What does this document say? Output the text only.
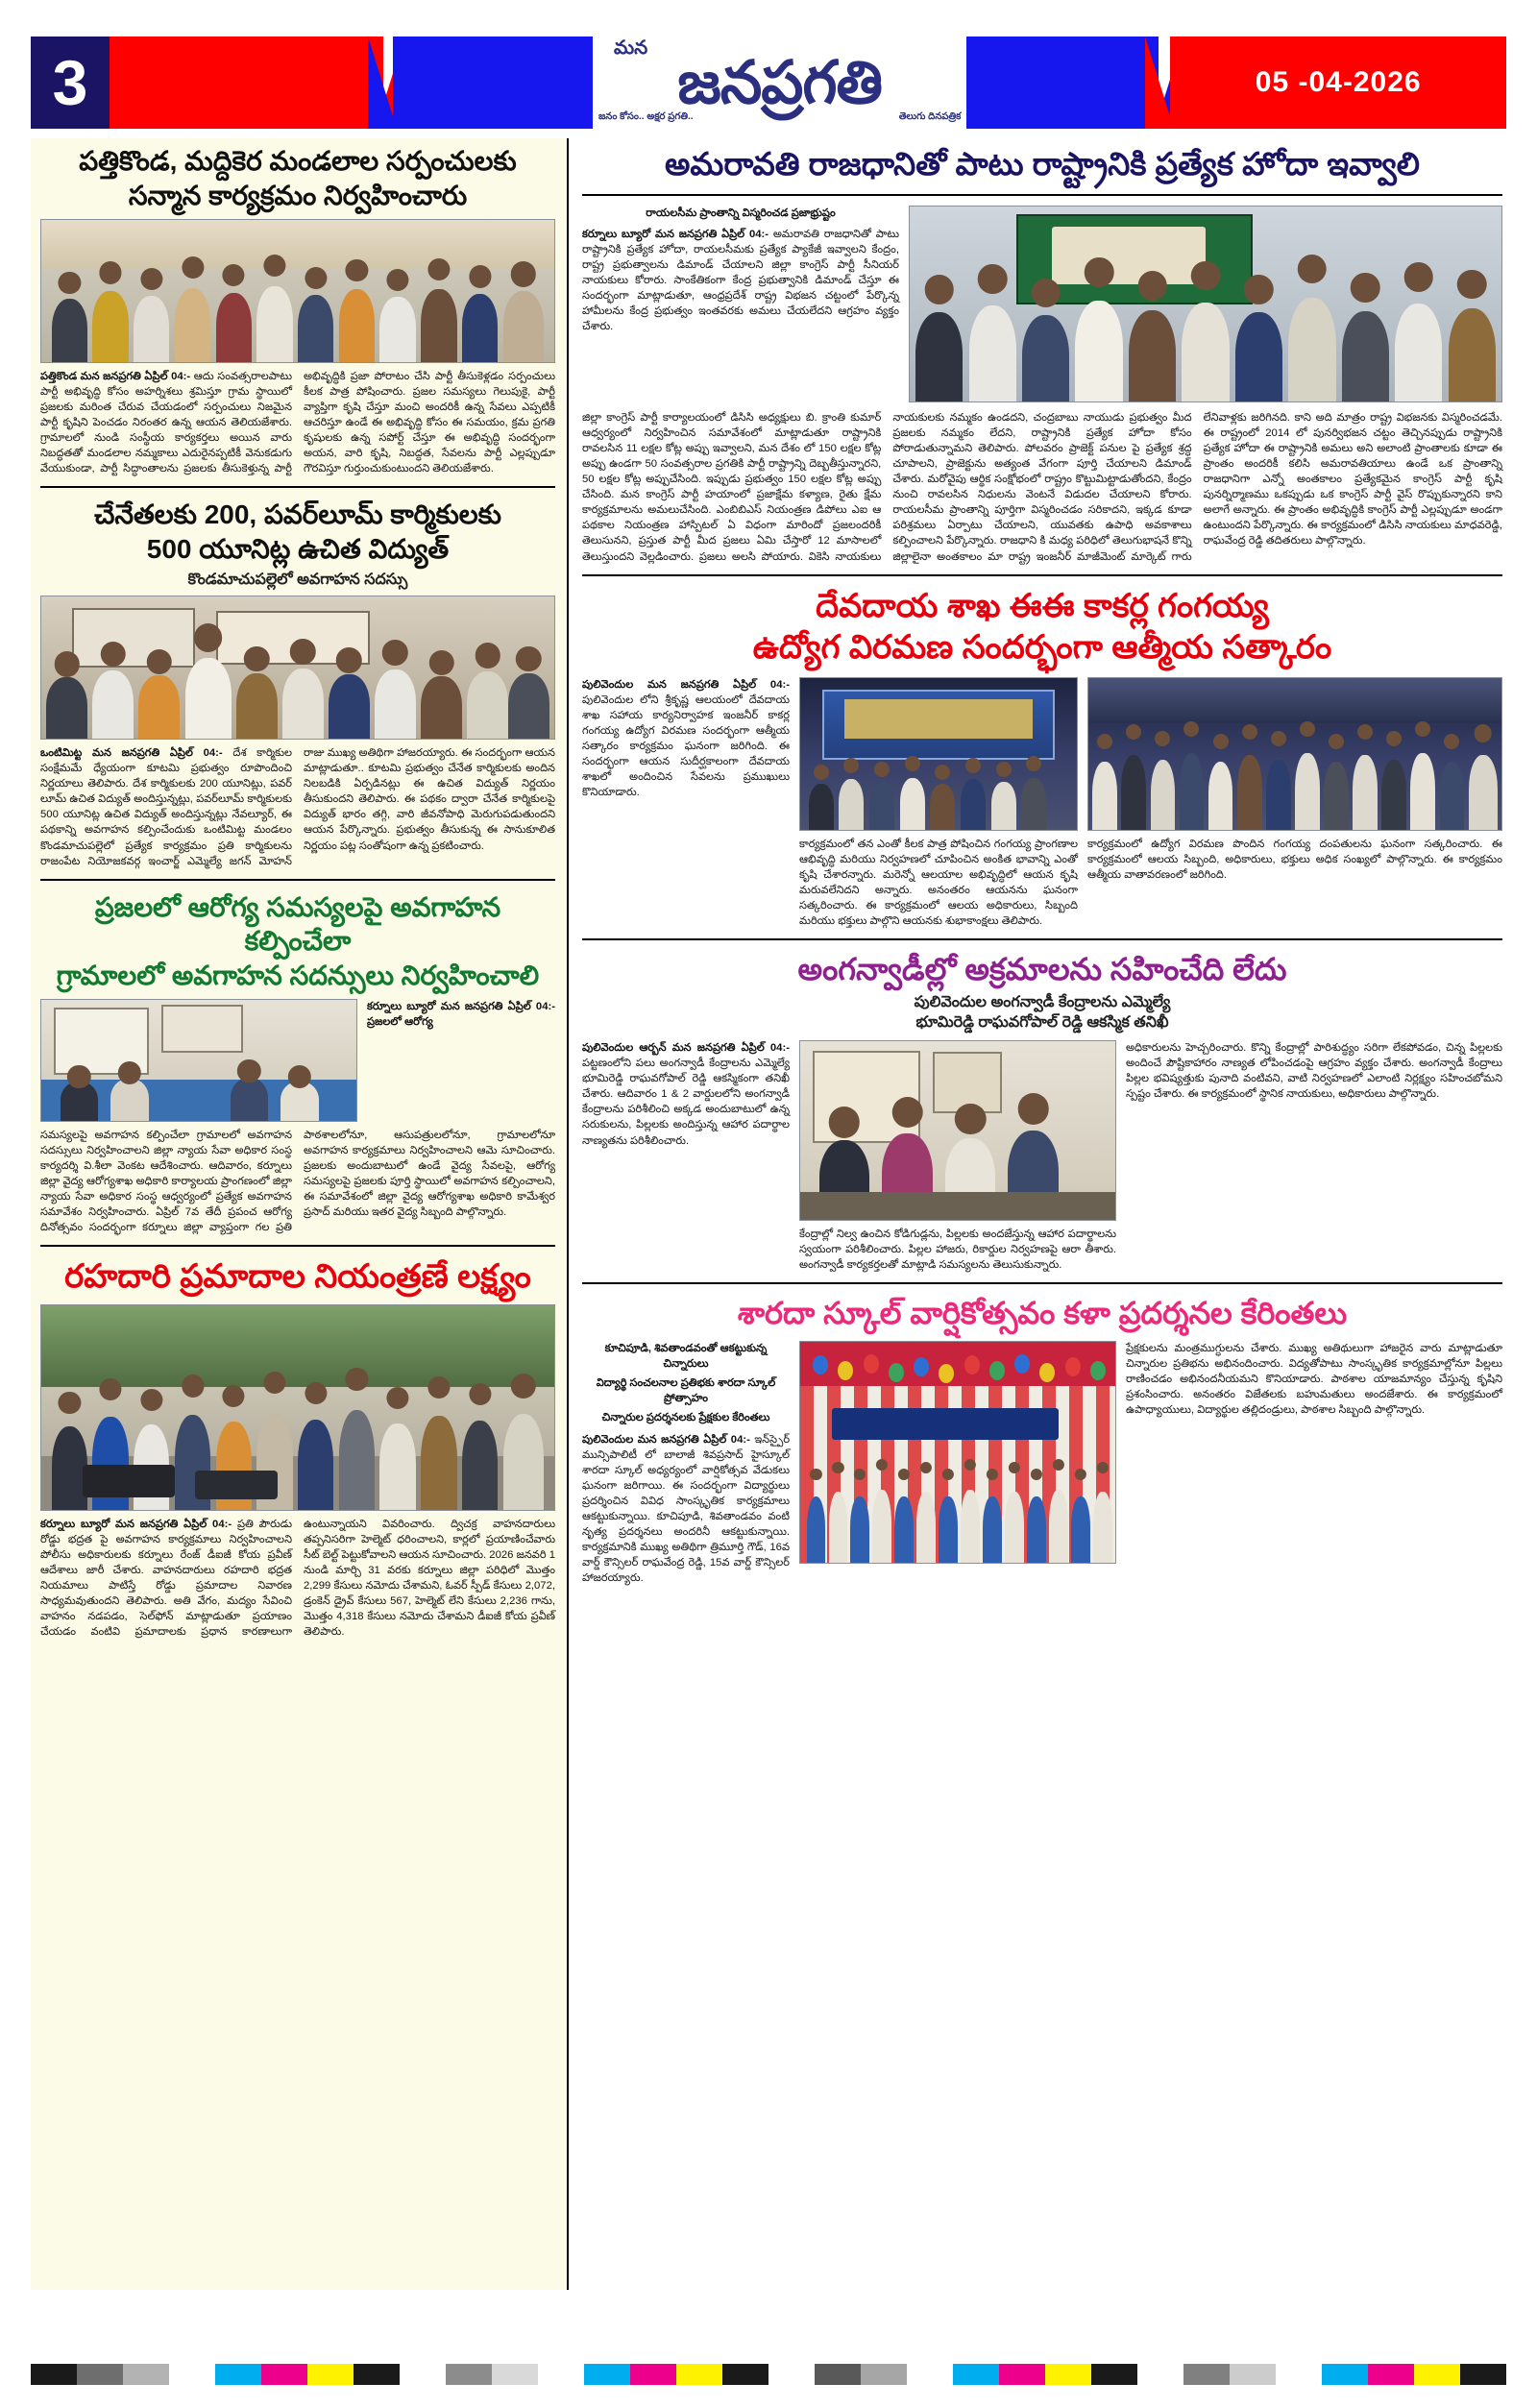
3	మన
జనప్రగతి
జనం కోసం.. అక్షర ప్రగతి..	తెలుగు దినపత్రిక
05 -04-2026
పత్తికొండ, మద్దికెర మండలాల సర్పంచులకు
సన్మాన కార్యక్రమం నిర్వహించారు
పత్తికొండ మన జనప్రగతి ఏప్రిల్ 04:- ఆదు సంవత్సరాలపాటు పార్టీ అభివృద్ధి కోసం అహర్నిశలు శ్రమిస్తూ గ్రామ స్థాయిలో ప్రజలకు మరింత చేరువ చేయడంలో సర్పంచులు నిజమైన పార్టీ కృషిని పెంచడం నిరంతర ఉన్న ఆయన తెలియజేశారు. గ్రామాలలో నుండి సంస్థీయ కార్యకర్తలు అయిన వారు నిబద్ధతతో మండలాల నమ్మకాలు ఎదురైనప్పటికీ వెనుకడుగు వేయుకుండా, పార్టీ సిద్ధాంతాలను ప్రజలకు తీసుకెళ్తున్న పార్టీ అభివృద్ధికి ప్రజా పోరాటం చేసి పార్టీ తీసుకెళ్లడం సర్పంచులు కీలక పాత్ర పోషించారు. ప్రజల సమస్యలు గెలుపుకై, పార్టీ వ్యాప్తిగా కృషి చేస్తూ మంచి అందరికీ ఉన్న సేవలు ఎప్పటికీ ఆచరిస్తూ ఉండే ఈ అభివృద్ధి కోసం ఈ సమయం, క్రమ ప్రగతి కృషులకు ఉన్న సపోర్ట్ చేస్తూ ఈ అభివృద్ధి సందర్భంగా అయన, వారి కృషి, నిబద్ధత, సేవలను పార్టీ ఎల్లప్పుడూ గౌరవిస్తూ గుర్తుంచుకుంటుందని తెలియజేశారు.
చేనేతలకు 200, పవర్‌లూమ్ కార్మికులకు
500 యూనిట్ల ఉచిత విద్యుత్
కొండమాచుపల్లెలో అవగాహన సదస్సు
ఒంటిమిట్ట మన జనప్రగతి ఏప్రిల్ 04:- దేశ కార్మికుల సంక్షేమమే ధ్యేయంగా కూటమి ప్రభుత్వం రూపొందించి నిర్ణయాలు తెలిపారు. దేశ కార్మికులకు 200 యూనిట్లు, పవర్ లూమ్ ఉచిత విద్యుత్ అందిస్తున్నట్లు, పవర్‌లూమ్ కార్మికులకు 500 యూనిట్ల ఉచిత విద్యుత్ అందిస్తున్నట్లు నేవల్యూర్, ఈ పథకాన్ని అవగాహన కల్పించేందుకు ఒంటిమిట్ట మండలం కొండమాచుపల్లెలో ప్రత్యేక కార్యక్రమం ప్రతి కార్మికులను రాజంపేట నియోజకవర్గ ఇంచార్జ్ ఎమ్మెల్యే జగన్ మోహన్ రాజు ముఖ్య అతిథిగా హాజరయ్యారు. ఈ సందర్భంగా ఆయన మాట్లాడుతూ.. కూటమి ప్రభుత్వం చేనేత కార్మికులకు అందిన నిలబడికి ఏర్పడినట్లు ఈ ఉచిత విద్యుత్ నిర్ణయం తీసుకుందని తెలిపారు. ఈ పథకం ద్వారా చేనేత కార్మికులపై విద్యుత్ భారం తగ్గి, వారి జీవనోపాధి మెరుగుపడుతుందని ఆయన పేర్కొన్నారు. ప్రభుత్వం తీసుకున్న ఈ సానుకూలిత నిర్ణయం పట్ల సంతోషంగా ఉన్న ప్రకటించారు.
ప్రజలలో ఆరోగ్య సమస్యలపై అవగాహన కల్పించేలా
గ్రామాలలో అవగాహన సదన్సులు నిర్వహించాలి
కర్నూలు బ్యూరో మన జనప్రగతి ఏప్రిల్ 04:- ప్రజలలో ఆరోగ్య
సమస్యలపై అవగాహన కల్పించేలా గ్రామాలలో అవగాహన సదస్సులు నిర్వహించాలని జిల్లా న్యాయ సేవా అధికార సంస్థ కార్యదర్శి వి.శీలా వెంకట ఆదేశించారు. ఆదివారం, కర్నూలు జిల్లా వైద్య ఆరోగ్యశాఖ అధికారి కార్యాలయ ప్రాంగణంలో జిల్లా న్యాయ సేవా అధికార సంస్థ ఆధ్వర్యంలో ప్రత్యేక అవగాహన సమావేశం నిర్వహించారు. ఏప్రిల్ 7వ తేదీ ప్రపంచ ఆరోగ్య దినోత్సవం సందర్భంగా కర్నూలు జిల్లా వ్యాప్తంగా గల ప్రతి పాఠశాలలోనూ, ఆసుపత్రులలోనూ, గ్రామాలలోనూ అవగాహన కార్యక్రమాలు నిర్వహించాలని ఆమె సూచించారు. ప్రజలకు అందుబాటులో ఉండే వైద్య సేవలపై, ఆరోగ్య సమస్యలపై ప్రజలకు పూర్తి స్థాయిలో అవగాహన కల్పించాలని, ఈ సమావేశంలో జిల్లా వైద్య ఆరోగ్యశాఖ అధికారి కామేశ్వర ప్రసాద్ మరియు ఇతర వైద్య సిబ్బంది పాల్గొన్నారు.
రహదారి ప్రమాదాల నియంత్రణే లక్ష్యం
కర్నూలు బ్యూరో మన జనప్రగతి ఏప్రిల్ 04:- ప్రతి పౌరుడు రోడ్డు భద్రత పై అవగాహన కార్యక్రమాలు నిర్వహించాలని పోలీసు అధికారులకు కర్నూలు రేంజ్ డీఐజీ కోయ ప్రవీణ్ ఆదేశాలు జారీ చేశారు. వాహనదారులు రహదారి భద్రత నియమాలు పాటిస్తే రోడ్డు ప్రమాదాల నివారణ సాధ్యమవుతుందని తెలిపారు. అతి వేగం, మద్యం సేవించి వాహనం నడపడం, సెల్‌ఫోన్ మాట్లాడుతూ ప్రయాణం చేయడం వంటివి ప్రమాదాలకు ప్రధాన కారణాలుగా ఉంటున్నాయని వివరించారు. ద్విచక్ర వాహనదారులు తప్పనిసరిగా హెల్మెట్ ధరించాలని, కార్లలో ప్రయాణించేవారు సీట్ బెల్ట్ పెట్టుకోవాలని ఆయన సూచించారు. 2026 జనవరి 1 నుండి మార్చి 31 వరకు కర్నూలు జిల్లా పరిధిలో మొత్తం 2,299 కేసులు నమోదు చేశామని, ఓవర్ స్పీడ్ కేసులు 2,072, డ్రంకెన్ డ్రైవ్ కేసులు 567, హెల్మెట్ లేని కేసులు 2,236 గాను, మొత్తం 4,318 కేసులు నమోదు చేశామని డీఐజీ కోయ ప్రవీణ్ తెలిపారు.
అమరావతి రాజధానితో పాటు రాష్ట్రానికి ప్రత్యేక హోదా ఇవ్వాలి
రాయలసీమ ప్రాంతాన్ని విస్మరించడ ప్రజాభ్రుష్టం
కర్నూలు బ్యూరో మన జనప్రగతి ఏప్రిల్ 04:- అమరావతి రాజధానితో పాటు రాష్ట్రానికి ప్రత్యేక హోదా, రాయలసీమకు ప్రత్యేక ప్యాకేజీ ఇవ్వాలని కేంద్రం, రాష్ట్ర ప్రభుత్వాలను డిమాండ్ చేయాలని జిల్లా కాంగ్రెస్ పార్టీ సీనియర్ నాయకులు కోరారు. సాంకేతికంగా కేంద్ర ప్రభుత్వానికి డిమాండ్ చేస్తూ ఈ సందర్భంగా మాట్లాడుతూ, ఆంధ్రప్రదేశ్ రాష్ట్ర విభజన చట్టంలో పేర్కొన్న హామీలను కేంద్ర ప్రభుత్వం ఇంతవరకు అమలు చేయలేదని ఆగ్రహం వ్యక్తం చేశారు.
జిల్లా కాంగ్రెస్ పార్టీ కార్యాలయంలో డిసిసి అధ్యక్షులు బి. క్రాంతి కుమార్ ఆధ్వర్యంలో నిర్వహించిన సమావేశంలో మాట్లాడుతూ రాష్ట్రానికి రావలసిన 11 లక్షల కోట్ల అప్పు ఇవ్వాలని, మన దేశం లో 150 లక్షల కోట్ల అప్పు ఉండగా 50 సంవత్సరాల ప్రగతికి పార్టీ రాష్ట్రాన్ని దెబ్బతీస్తున్నారని, 50 లక్షల కోట్ల అప్పుచేసింది. ఇప్పుడు ప్రభుత్వం 150 లక్షల కోట్ల అప్పు చేసింది. మన కాంగ్రెస్ పార్టీ హయాంలో ప్రజాక్షేమ కళ్యాణ, రైతు క్షేమ కార్యక్రమాలను అమలుచేసింది. ఎంబిబిఎస్ నియంత్రణ డిపోలు ఎఐ ఆ పథకాల నియంత్రణ హాస్పిటల్ ఏ విధంగా మారిందో ప్రజలందరికీ తెలుసునని, ప్రస్తుత పార్టీ మీద ప్రజలు ఏమి చేస్తారో 12 మాసాలలో తెలుస్తుందని వెల్లడించారు. ప్రజలు అలసి పోయారు. వికెసి నాయకులు నాయకులకు నమ్మకం ఉండదని, చంద్రబాబు నాయుడు ప్రభుత్వం మీద ప్రజలకు నమ్మకం లేదని, రాష్ట్రానికి ప్రత్యేక హోదా కోసం పోరాడుతున్నామని తెలిపారు. పోలవరం ప్రాజెక్ట్ పనుల పై ప్రత్యేక శ్రద్ధ చూపాలని, ప్రాజెక్టును అత్యంత వేగంగా పూర్తి చేయాలని డిమాండ్ చేశారు. మరోవైపు ఆర్థిక సంక్షోభంలో రాష్ట్రం కొట్టుమిట్టాడుతోందని, కేంద్రం నుంచి రావలసిన నిధులను వెంటనే విడుదల చేయాలని కోరారు. రాయలసీమ ప్రాంతాన్ని పూర్తిగా విస్మరించడం సరికాదని, ఇక్కడ కూడా పరిశ్రమలు ఏర్పాటు చేయాలని, యువతకు ఉపాధి అవకాశాలు కల్పించాలని పేర్కొన్నారు. రాజధాని కి మధ్య పరిధిలో తెలుగుభాషనే కొన్ని జిల్లాలైనా అంతకాలం మా రాష్ట్ర ఇంజనీర్ మాజీమెంట్ మార్కెట్ గారు లేనివాళ్లకు జరిగినది. కాని అది మాత్రం రాష్ట్ర విభజనకు విస్మరించడమే. ఈ రాష్ట్రంలో 2014 లో పునర్విభజన చట్టం తెచ్చినప్పుడు రాష్ట్రానికి ప్రత్యేక హోదా ఈ రాష్ట్రానికి అమలు అని అలాంటి ప్రాంతాలకు కూడా ఈ ప్రాంతం అందరికీ కలిసి అమరావతియాలు ఉండే ఒక ప్రాంతాన్ని రాజధానిగా ఎన్నో అంతకాలం ప్రత్యేకమైన కాంగ్రెస్ పార్టీ కృషి పునర్నిర్మాణము ఒకప్పుడు ఒక కాంగ్రెస్ పార్టీ వైస్ రొప్పుకున్నారని కాని అలాగే అన్నారు. ఈ ప్రాంతం అభివృద్ధికి కాంగ్రెస్ పార్టీ ఎల్లప్పుడూ అండగా ఉంటుందని పేర్కొన్నారు. ఈ కార్యక్రమంలో డిసిసి నాయకులు మాధవరెడ్డి, రాఘవేంద్ర రెడ్డి తదితరులు పాల్గొన్నారు.
దేవదాయ శాఖ ఈఈ కాకర్ల గంగయ్య
ఉద్యోగ విరమణ సందర్భంగా ఆత్మీయ సత్కారం
పులివెందుల మన జనప్రగతి ఏప్రిల్ 04:- పులివెందుల లోని శ్రీకృష్ణ ఆలయంలో దేవదాయ శాఖ సహాయ కార్యనిర్వాహక ఇంజనీర్ కాకర్ల గంగయ్య ఉద్యోగ విరమణ సందర్భంగా ఆత్మీయ సత్కారం కార్యక్రమం ఘనంగా జరిగింది. ఈ సందర్భంగా ఆయన సుదీర్ఘకాలంగా దేవదాయ శాఖలో అందించిన సేవలను ప్రముఖులు కొనియాడారు.
కార్యక్రమంలో తన ఎంతో కీలక పాత్ర పోషించిన గంగయ్య ప్రాంగణాల ఆభివృద్ధి మరియు నిర్వహణలో చూపించిన అంకిత భావాన్ని ఎంతో కృషి చేశారన్నారు. మరెన్నో ఆలయాల అభివృద్ధిలో ఆయన కృషి మరువలేనిదని అన్నారు. అనంతరం ఆయనను ఘనంగా సత్కరించారు. ఈ కార్యక్రమంలో ఆలయ అధికారులు, సిబ్బంది మరియు భక్తులు పాల్గొని ఆయనకు శుభాకాంక్షలు తెలిపారు.
కార్యక్రమంలో ఉద్యోగ విరమణ పొందిన గంగయ్య దంపతులను ఘనంగా సత్కరించారు. ఈ కార్యక్రమంలో ఆలయ సిబ్బంది, అధికారులు, భక్తులు అధిక సంఖ్యలో పాల్గొన్నారు. ఈ కార్యక్రమం ఆత్మీయ వాతావరణంలో జరిగింది.
అంగన్వాడీల్లో అక్రమాలను సహించేది లేదు
పులివెందుల అంగన్వాడీ కేంద్రాలను ఎమ్మెల్యే
భూమిరెడ్డి రాఘవగోపాల్ రెడ్డి ఆకస్మిక తనిఖీ
పులివెందుల ఆర్బన్ మన జనప్రగతి ఏప్రిల్ 04:- పట్టణంలోని పలు అంగన్వాడీ కేంద్రాలను ఎమ్మెల్యే భూమిరెడ్డి రాఘవగోపాల్ రెడ్డి ఆకస్మికంగా తనిఖీ చేశారు. ఆదివారం 1 & 2 వార్డులలోని అంగన్వాడీ కేంద్రాలను పరిశీలించి అక్కడ అందుబాటులో ఉన్న సరుకులను, పిల్లలకు అందిస్తున్న ఆహార పదార్థాల నాణ్యతను పరిశీలించారు.
అధికారులను హెచ్చరించారు. కొన్ని కేంద్రాల్లో పారిశుద్ధ్యం సరిగా లేకపోవడం, చిన్న పిల్లలకు అందించే పౌష్టికాహారం నాణ్యత లోపించడంపై ఆగ్రహం వ్యక్తం చేశారు. అంగన్వాడీ కేంద్రాలు పిల్లల భవిష్యత్తుకు పునాది వంటివని, వాటి నిర్వహణలో ఎలాంటి నిర్లక్ష్యం సహించబోమని స్పష్టం చేశారు. ఈ కార్యక్రమంలో స్థానిక నాయకులు, అధికారులు పాల్గొన్నారు.
కేంద్రాల్లో నిల్వ ఉంచిన కోడిగుడ్లను, పిల్లలకు అందజేస్తున్న ఆహార పదార్థాలను స్వయంగా పరిశీలించారు. పిల్లల హాజరు, రికార్డుల నిర్వహణపై ఆరా తీశారు. అంగన్వాడీ కార్యకర్తలతో మాట్లాడి సమస్యలను తెలుసుకున్నారు.
శారదా స్కూల్ వార్షికోత్సవం కళా ప్రదర్శనల కేరింతలు
కూచిపూడి, శివతాండవంతో ఆకట్టుకున్న చిన్నారులు
విద్యార్థి సంచలనాల ప్రతిభకు శారదా స్కూల్ ప్రోత్సాహం
చిన్నారుల ప్రదర్శనలకు ప్రేక్షకుల కేరింతలు
పులివెందుల మన జనప్రగతి ఏప్రిల్ 04:- ఇన్‌స్పైర్ మున్సిపాలిటీ లో బాలాజీ శివప్రసాద్ హైస్కూల్ శారదా స్కూల్ అధ్యర్యంలో వార్షికోత్సవ వేడుకలు ఘనంగా జరిగాయి. ఈ సందర్భంగా విద్యార్థులు ప్రదర్శించిన వివిధ సాంస్కృతిక కార్యక్రమాలు ఆకట్టుకున్నాయి. కూచిపూడి, శివతాండవం వంటి నృత్య ప్రదర్శనలు అందరినీ ఆకట్టుకున్నాయి. కార్యక్రమానికి ముఖ్య అతిథిగా త్రిమూర్తి గౌడ్, 16వ వార్డ్ కౌన్సిలర్ రాఘవేంద్ర రెడ్డి, 15వ వార్డ్ కౌన్సిలర్ హాజరయ్యారు.
ప్రేక్షకులను మంత్రముగ్ధులను చేశారు. ముఖ్య అతిథులుగా హాజరైన వారు మాట్లాడుతూ చిన్నారుల ప్రతిభను అభినందించారు. విద్యతోపాటు సాంస్కృతిక కార్యక్రమాల్లోనూ పిల్లలు రాణించడం అభినందనీయమని కొనియాడారు. పాఠశాల యాజమాన్యం చేస్తున్న కృషిని ప్రశంసించారు. అనంతరం విజేతలకు బహుమతులు అందజేశారు. ఈ కార్యక్రమంలో ఉపాధ్యాయులు, విద్యార్థుల తల్లిదండ్రులు, పాఠశాల సిబ్బంది పాల్గొన్నారు.
